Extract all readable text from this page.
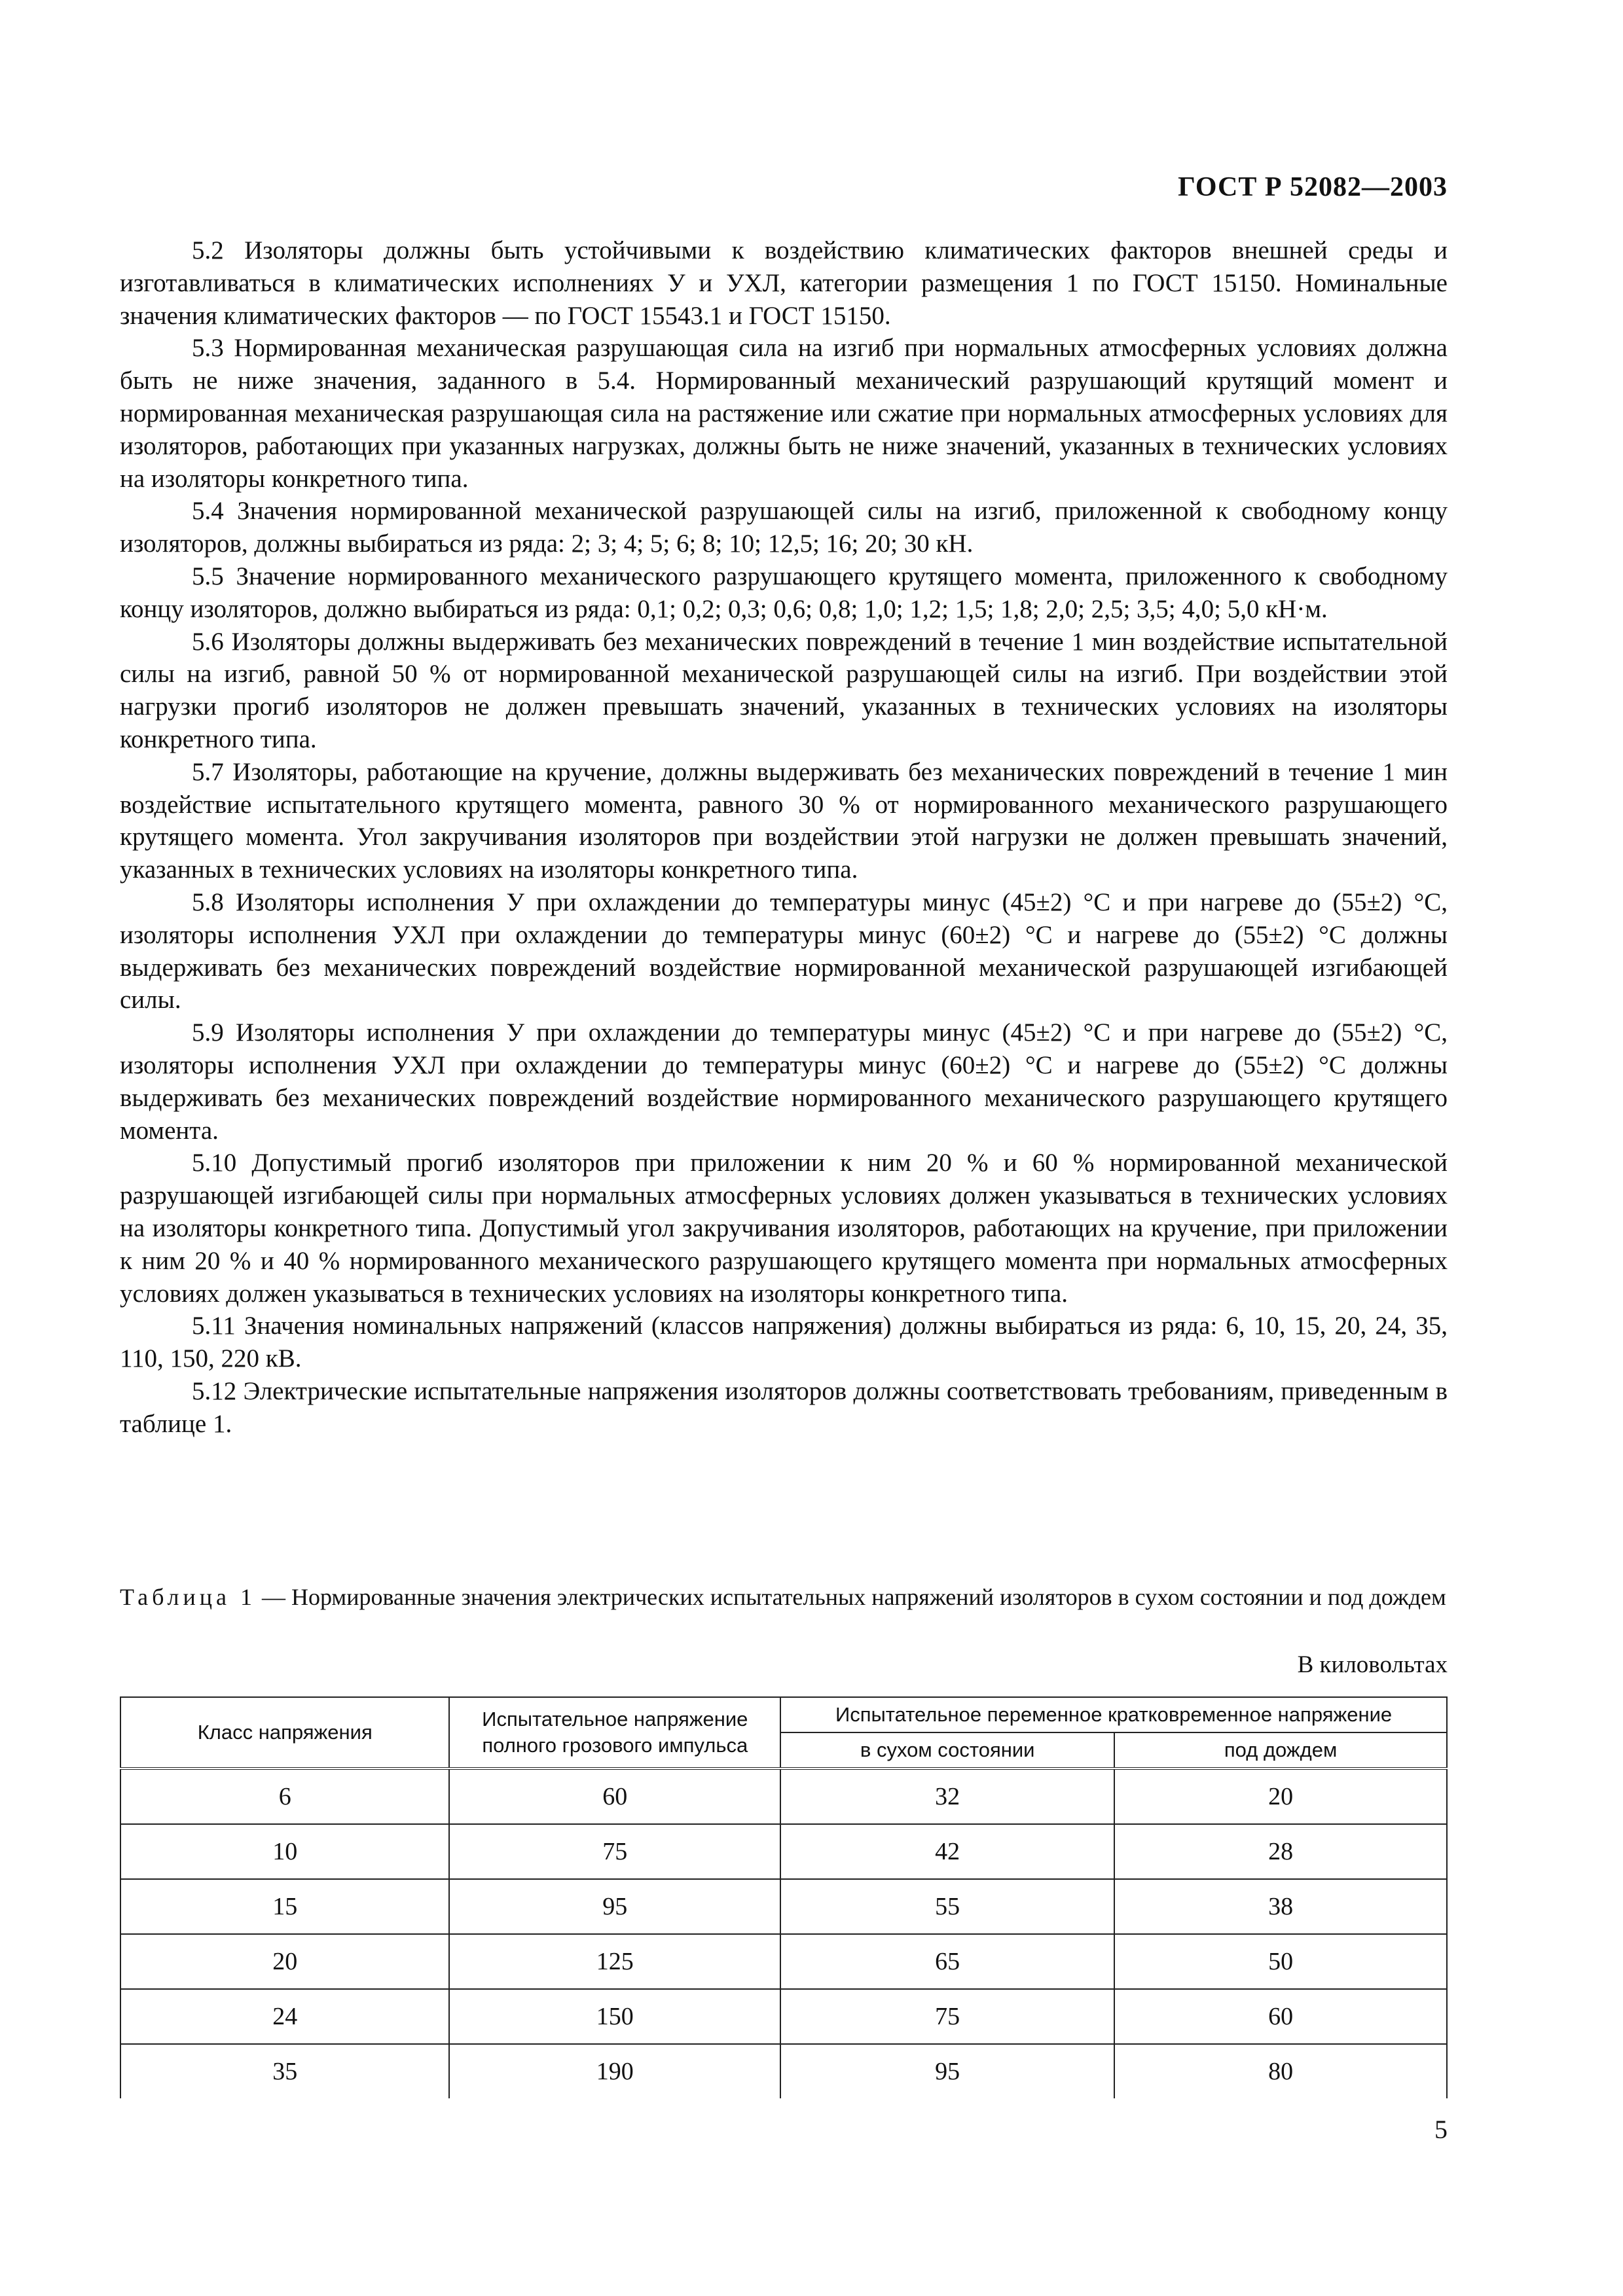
ГОСТ Р 52082—2003

5.2 Изоляторы должны быть устойчивыми к воздействию климатических факторов внешней среды и изготавливаться в климатических исполнениях У и УХЛ, категории размещения 1 по ГОСТ 15150. Номинальные значения климатических факторов — по ГОСТ 15543.1 и ГОСТ 15150.

5.3 Нормированная механическая разрушающая сила на изгиб при нормальных атмосферных условиях должна быть не ниже значения, заданного в 5.4. Нормированный механический разрушающий крутящий момент и нормированная механическая разрушающая сила на растяжение или сжатие при нормальных атмосферных условиях для изоляторов, работающих при указанных нагрузках, должны быть не ниже значений, указанных в технических условиях на изоляторы конкретного типа.

5.4 Значения нормированной механической разрушающей силы на изгиб, приложенной к свободному концу изоляторов, должны выбираться из ряда: 2; 3; 4; 5; 6; 8; 10; 12,5; 16; 20; 30 кН.

5.5 Значение нормированного механического разрушающего крутящего момента, приложенного к свободному концу изоляторов, должно выбираться из ряда: 0,1; 0,2; 0,3; 0,6; 0,8; 1,0; 1,2; 1,5; 1,8; 2,0; 2,5; 3,5; 4,0; 5,0 кН·м.

5.6 Изоляторы должны выдерживать без механических повреждений в течение 1 мин воздействие испытательной силы на изгиб, равной 50 % от нормированной механической разрушающей силы на изгиб. При воздействии этой нагрузки прогиб изоляторов не должен превышать значений, указанных в технических условиях на изоляторы конкретного типа.

5.7 Изоляторы, работающие на кручение, должны выдерживать без механических повреждений в течение 1 мин воздействие испытательного крутящего момента, равного 30 % от нормированного механического разрушающего крутящего момента. Угол закручивания изоляторов при воздействии этой нагрузки не должен превышать значений, указанных в технических условиях на изоляторы конкретного типа.

5.8 Изоляторы исполнения У при охлаждении до температуры минус (45±2) °С и при нагреве до (55±2) °С, изоляторы исполнения УХЛ при охлаждении до температуры минус (60±2) °С и нагреве до (55±2) °С должны выдерживать без механических повреждений воздействие нормированной механической разрушающей изгибающей силы.

5.9 Изоляторы исполнения У при охлаждении до температуры минус (45±2) °С и при нагреве до (55±2) °С, изоляторы исполнения УХЛ при охлаждении до температуры минус (60±2) °С и нагреве до (55±2) °С должны выдерживать без механических повреждений воздействие нормированного механического разрушающего крутящего момента.

5.10 Допустимый прогиб изоляторов при приложении к ним 20 % и 60 % нормированной механической разрушающей изгибающей силы при нормальных атмосферных условиях должен указываться в технических условиях на изоляторы конкретного типа. Допустимый угол закручивания изоляторов, работающих на кручение, при приложении к ним 20 % и 40 % нормированного механического разрушающего крутящего момента при нормальных атмосферных условиях должен указываться в технических условиях на изоляторы конкретного типа.

5.11 Значения номинальных напряжений (классов напряжения) должны выбираться из ряда: 6, 10, 15, 20, 24, 35, 110, 150, 220 кВ.

5.12 Электрические испытательные напряжения изоляторов должны соответствовать требованиям, приведенным в таблице 1.

Таблица 1 — Нормированные значения электрических испытательных напряжений изоляторов в сухом состоянии и под дождем
В киловольтах
Класс напряжения	Испытательное напряжение полного грозового импульса	Испытательное переменное кратковременное напряжение	
		в сухом состоянии	под дождем
6	60	32	20
10	75	42	28
15	95	55	38
20	125	65	50
24	150	75	60
35	190	95	80
5
